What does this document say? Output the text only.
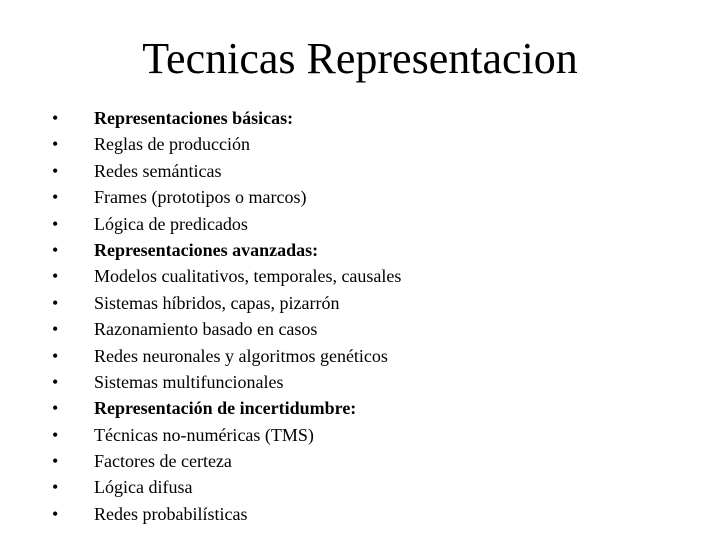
Tecnicas Representacion
•	Representaciones básicas:
•	Reglas de producción
•	Redes semánticas
•	Frames (prototipos o marcos)
•	Lógica de predicados
•	Representaciones avanzadas:
•	Modelos cualitativos, temporales, causales
•	Sistemas híbridos, capas, pizarrón
•	Razonamiento basado en casos
•	Redes neuronales y algoritmos genéticos
•	Sistemas multifuncionales
•	Representación de incertidumbre:
•	Técnicas no-numéricas (TMS)
•	Factores de certeza
•	Lógica difusa
•	Redes probabilísticas
